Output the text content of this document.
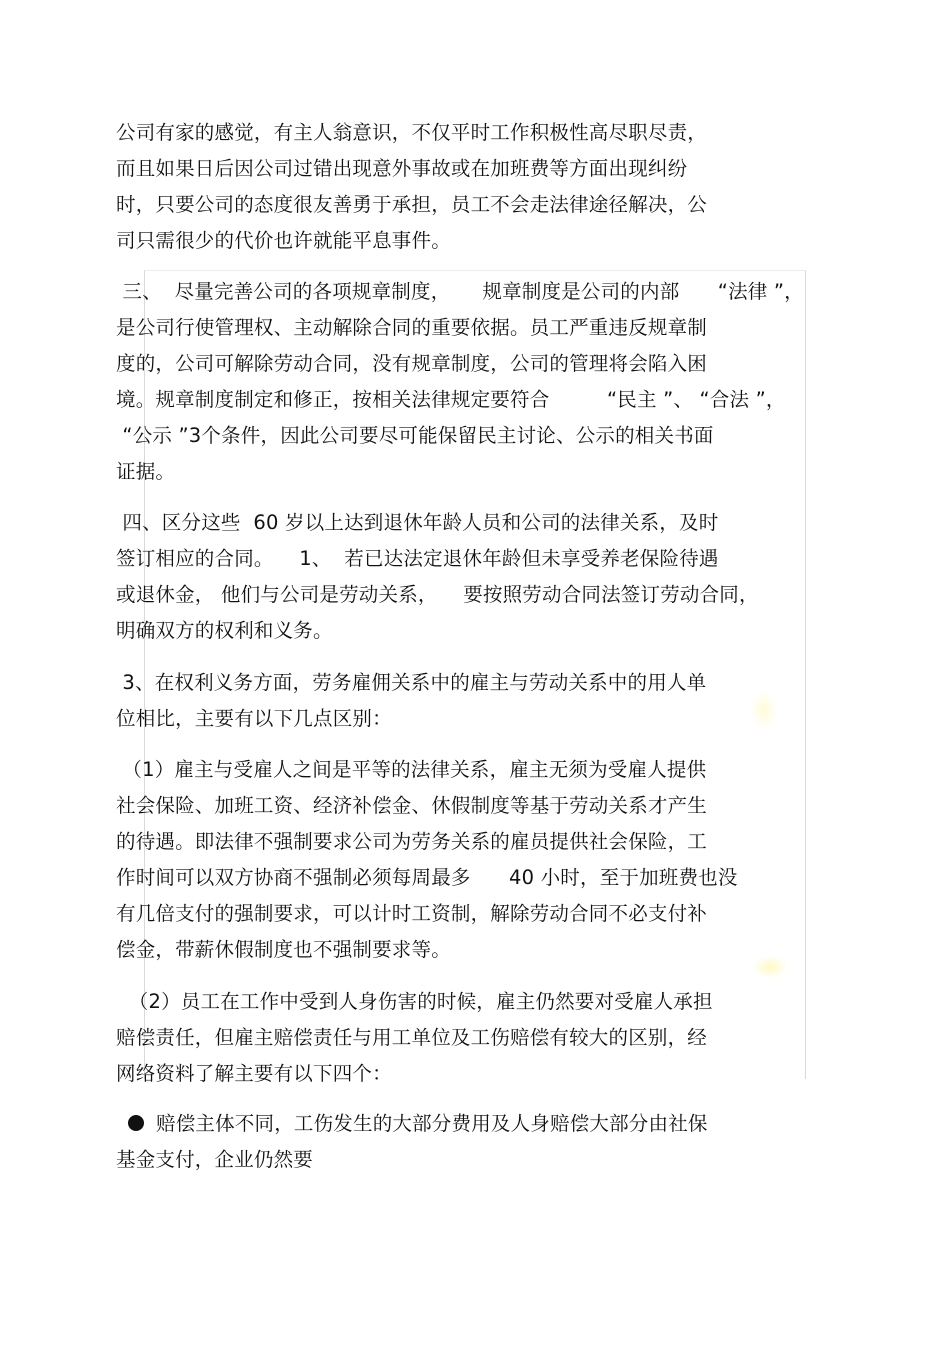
公司有家的感觉，有主人翁意识，不仅平时工作积极性高尽职尽责，
而且如果日后因公司过错出现意外事故或在加班费等方面出现纠纷
时，只要公司的态度很友善勇于承担，员工不会走法律途径解决，公
司只需很少的代价也许就能平息事件。
三、  尽量完善公司的各项规章制度，     规章制度是公司的内部      “法律 ”，
是公司行使管理权、主动解除合同的重要依据。员工严重违反规章制
度的，公司可解除劳动合同，没有规章制度，公司的管理将会陷入困
境。规章制度制定和修正，按相关法律规定要符合         “民主 ”、 “合法 ”，
“公示 ”3个条件，因此公司要尽可能保留民主讨论、公示的相关书面
证据。
四、区分这些  60 岁以上达到退休年龄人员和公司的法律关系，及时
签订相应的合同。    1、  若已达法定退休年龄但未享受养老保险待遇
或退休金， 他们与公司是劳动关系，    要按照劳动合同法签订劳动合同，
明确双方的权利和义务。
3、在权利义务方面，劳务雇佣关系中的雇主与劳动关系中的用人单
位相比，主要有以下几点区别：
（1）雇主与受雇人之间是平等的法律关系，雇主无须为受雇人提供
社会保险、加班工资、经济补偿金、休假制度等基于劳动关系才产生
的待遇。即法律不强制要求公司为劳务关系的雇员提供社会保险，工
作时间可以双方协商不强制必须每周最多      40 小时，至于加班费也没
有几倍支付的强制要求，可以计时工资制，解除劳动合同不必支付补
偿金，带薪休假制度也不强制要求等。
（2）员工在工作中受到人身伤害的时候，雇主仍然要对受雇人承担
赔偿责任，但雇主赔偿责任与用工单位及工伤赔偿有较大的区别，经
网络资料了解主要有以下四个：
赔偿主体不同，工伤发生的大部分费用及人身赔偿大部分由社保
基金支付，企业仍然要
